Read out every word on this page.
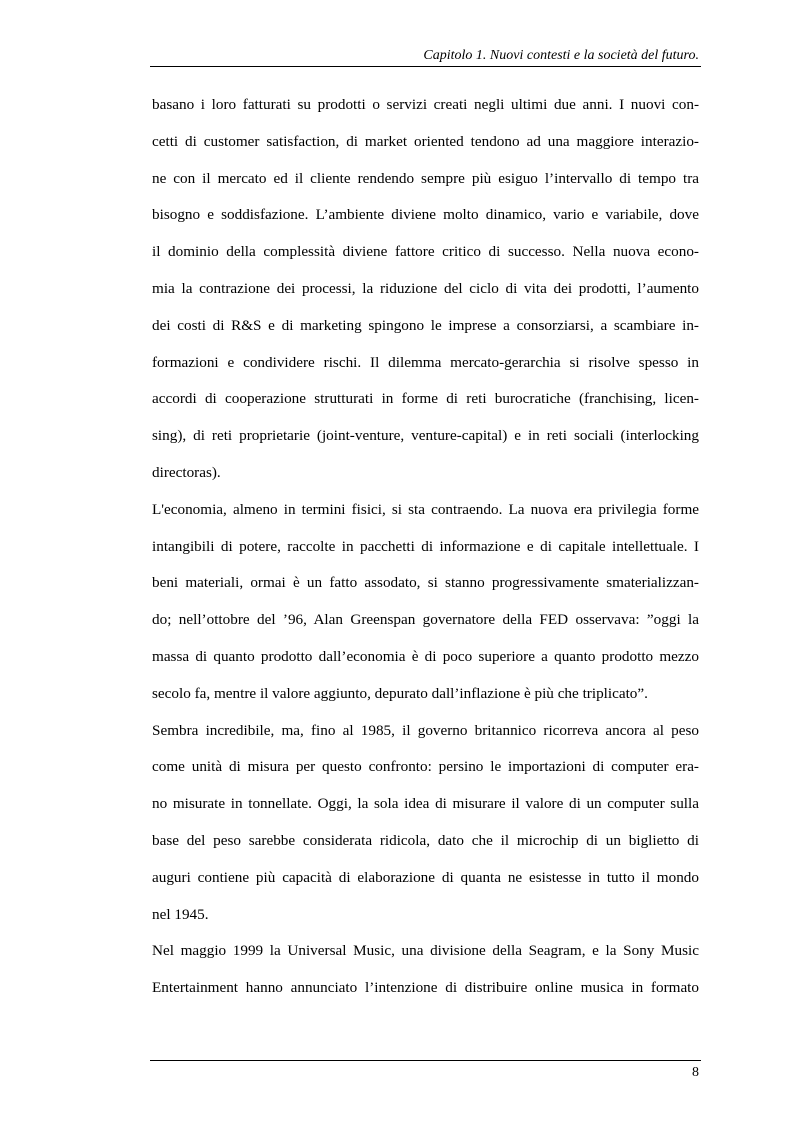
Capitolo 1. Nuovi contesti e la società del futuro.

basano i loro fatturati su prodotti o servizi creati negli ultimi due anni. I nuovi con-
cetti di customer satisfaction, di market oriented tendono ad una maggiore interazio-
ne con il mercato ed il cliente rendendo sempre più esiguo l’intervallo di tempo tra
bisogno e soddisfazione. L’ambiente diviene molto dinamico, vario e variabile, dove
il dominio della complessità diviene fattore critico di successo. Nella nuova econo-
mia la contrazione dei processi, la riduzione del ciclo di vita dei prodotti, l’aumento
dei costi di R&S e di marketing spingono le imprese a consorziarsi, a scambiare in-
formazioni e condividere rischi. Il dilemma mercato-gerarchia si risolve spesso in
accordi di cooperazione strutturati in forme di reti burocratiche (franchising, licen-
sing), di reti proprietarie (joint-venture, venture-capital) e in reti sociali (interlocking
directoras).

L'economia, almeno in termini fisici, si sta contraendo. La nuova era privilegia forme
intangibili di potere, raccolte in pacchetti di informazione e di capitale intellettuale. I
beni materiali, ormai è un fatto assodato, si stanno progressivamente smaterializzan-
do; nell’ottobre del ’96, Alan Greenspan governatore della FED osservava: ”oggi la
massa di quanto prodotto dall’economia è di poco superiore a quanto prodotto mezzo
secolo fa, mentre il valore aggiunto, depurato dall’inflazione è più che triplicato”.

Sembra incredibile, ma, fino al 1985, il governo britannico ricorreva ancora al peso
come unità di misura per questo confronto: persino le importazioni di computer era-
no misurate in tonnellate. Oggi, la sola idea di misurare il valore di un computer sulla
base del peso sarebbe considerata ridicola, dato che il microchip di un biglietto di
auguri contiene più capacità di elaborazione di quanta ne esistesse in tutto il mondo
nel 1945.

Nel maggio 1999 la Universal Music, una divisione della Seagram, e la Sony Music
Entertainment hanno annunciato l’intenzione di distribuire online musica in formato

8
